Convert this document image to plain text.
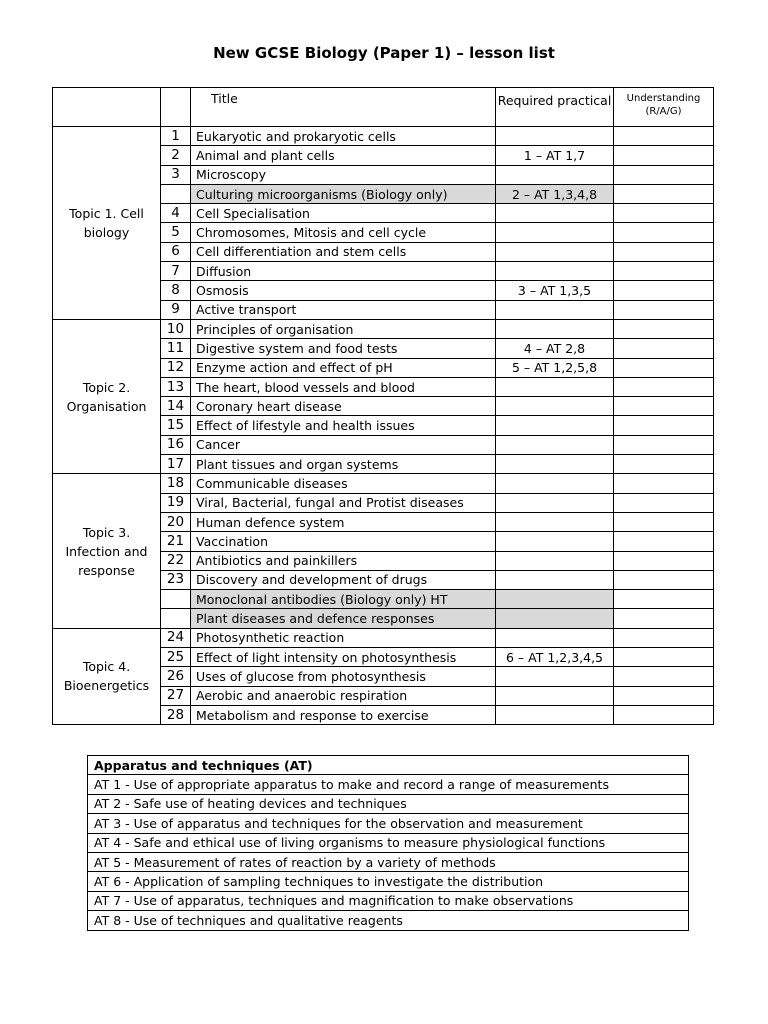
New GCSE Biology (Paper 1) – lesson list
		Title	Required practical	Understanding (R/A/G)
Topic 1. Cell biology	1	Eukaryotic and prokaryotic cells		
	2	Animal and plant cells	1 – AT 1,7	
	3	Microscopy		
		Culturing microorganisms (Biology only)	2 – AT 1,3,4,8	
	4	Cell Specialisation		
	5	Chromosomes, Mitosis and cell cycle		
	6	Cell differentiation and stem cells		
	7	Diffusion		
	8	Osmosis	3 – AT 1,3,5	
	9	Active transport		
Topic 2. Organisation	10	Principles of organisation		
	11	Digestive system and food tests	4 – AT 2,8	
	12	Enzyme action and effect of pH	5 – AT 1,2,5,8	
	13	The heart, blood vessels and blood		
	14	Coronary heart disease		
	15	Effect of lifestyle and health issues		
	16	Cancer		
	17	Plant tissues and organ systems		
Topic 3. Infection and response	18	Communicable diseases		
	19	Viral, Bacterial, fungal and Protist diseases		
	20	Human defence system		
	21	Vaccination		
	22	Antibiotics and painkillers		
	23	Discovery and development of drugs		
		Monoclonal antibodies (Biology only) HT		
		Plant diseases and defence responses		
Topic 4. Bioenergetics	24	Photosynthetic reaction		
	25	Effect of light intensity on photosynthesis	6 – AT 1,2,3,4,5	
	26	Uses of glucose from photosynthesis		
	27	Aerobic and anaerobic respiration		
	28	Metabolism and response to exercise		
Apparatus and techniques (AT)
AT 1 - Use of appropriate apparatus to make and record a range of measurements
AT 2 - Safe use of heating devices and techniques
AT 3 - Use of apparatus and techniques for the observation and measurement
AT 4 - Safe and ethical use of living organisms to measure physiological functions
AT 5 - Measurement of rates of reaction by a variety of methods
AT 6 - Application of sampling techniques to investigate the distribution
AT 7 - Use of apparatus, techniques and magnification to make observations
AT 8 - Use of techniques and qualitative reagents
